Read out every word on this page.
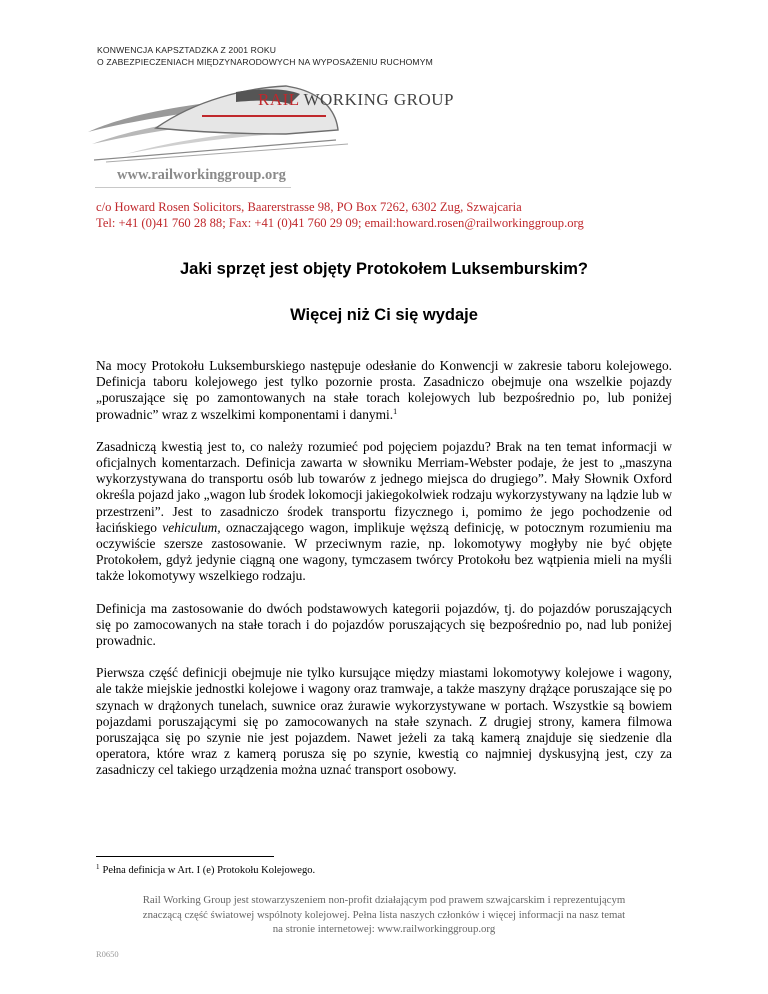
KONWENCJA KAPSZTADZKA Z 2001 ROKU
O ZABEZPIECZENIACH MIĘDZYNARODOWYCH NA WYPOSAŻENIU RUCHOMYM
RAIL WORKING GROUP
www.railworkinggroup.org
c/o Howard Rosen Solicitors, Baarerstrasse 98, PO Box 7262, 6302 Zug, Szwajcaria
Tel: +41 (0)41 760 28 88; Fax: +41 (0)41 760 29 09; email:howard.rosen@railworkinggroup.org
Jaki sprzęt jest objęty Protokołem Luksemburskim?
Więcej niż Ci się wydaje

Na mocy Protokołu Luksemburskiego następuje odesłanie do Konwencji w zakresie taboru kolejowego. Definicja taboru kolejowego jest tylko pozornie prosta. Zasadniczo obejmuje ona wszelkie pojazdy „poruszające się po zamontowanych na stałe torach kolejowych lub bezpośrednio po, lub poniżej prowadnic” wraz z wszelkimi komponentami i danymi.$^1$

Zasadniczą kwestią jest to, co należy rozumieć pod pojęciem pojazdu? Brak na ten temat informacji w oficjalnych komentarzach. Definicja zawarta w słowniku Merriam-Webster podaje, że jest to „maszyna wykorzystywana do transportu osób lub towarów z jednego miejsca do drugiego”. Mały Słownik Oxford określa pojazd jako „wagon lub środek lokomocji jakiegokolwiek rodzaju wykorzystywany na lądzie lub w przestrzeni”. Jest to zasadniczo środek transportu fizycznego i, pomimo że jego pochodzenie od łacińskiego vehiculum, oznaczającego wagon, implikuje węższą definicję, w potocznym rozumieniu ma oczywiście szersze zastosowanie. W przeciwnym razie, np. lokomotywy mogłyby nie być objęte Protokołem, gdyż jedynie ciągną one wagony, tymczasem twórcy Protokołu bez wątpienia mieli na myśli także lokomotywy wszelkiego rodzaju.

Definicja ma zastosowanie do dwóch podstawowych kategorii pojazdów, tj. do pojazdów poruszających się po zamocowanych na stałe torach i do pojazdów poruszających się bezpośrednio po, nad lub poniżej prowadnic.

Pierwsza część definicji obejmuje nie tylko kursujące między miastami lokomotywy kolejowe i wagony, ale także miejskie jednostki kolejowe i wagony oraz tramwaje, a także maszyny drążące poruszające się po szynach w drążonych tunelach, suwnice oraz żurawie wykorzystywane w portach. Wszystkie są bowiem pojazdami poruszającymi się po zamocowanych na stałe szynach. Z drugiej strony, kamera filmowa poruszająca się po szynie nie jest pojazdem. Nawet jeżeli za taką kamerą znajduje się siedzenie dla operatora, które wraz z kamerą porusza się po szynie, kwestią co najmniej dyskusyjną jest, czy za zasadniczy cel takiego urządzenia można uznać transport osobowy.

$^1$ Pełna definicja w Art. I (e) Protokołu Kolejowego.
Rail Working Group jest stowarzyszeniem non-profit działającym pod prawem szwajcarskim i reprezentującym
znaczącą część światowej wspólnoty kolejowej. Pełna lista naszych członków i więcej informacji na nasz temat
na stronie internetowej: www.railworkinggroup.org
R0650
